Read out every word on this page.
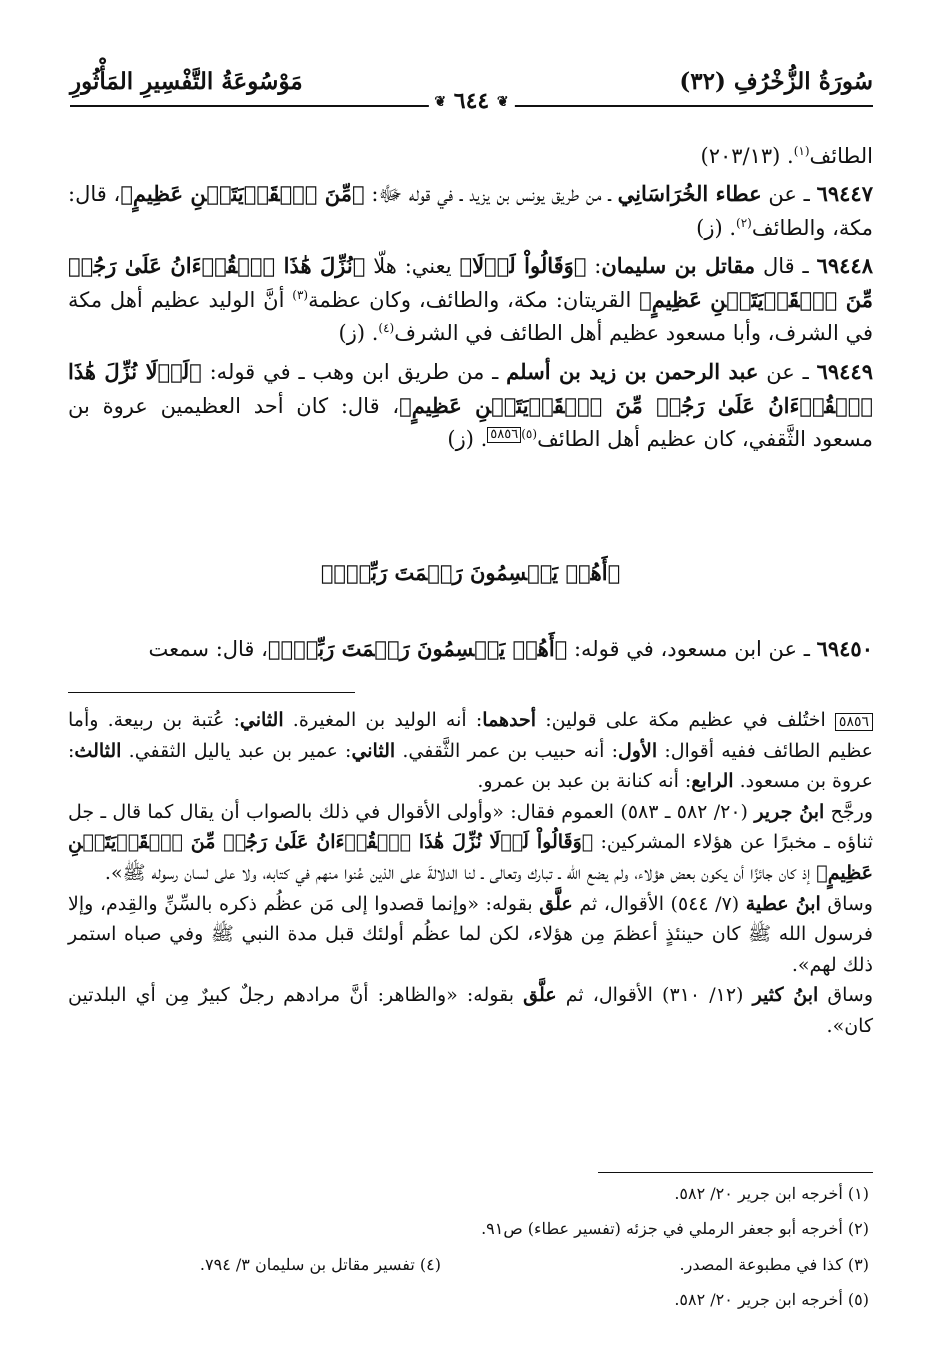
سُورَةُ الزُّخْرُفِ (٣٢)
❦ ٦٤٤ ❦
مَوْسُوعَةُ التَّفْسِيرِ المَأْثُورِ

الطائف$^{(١)}$. (٢٠٣/١٣)

٦٩٤٤٧ ـ عن عطاء الخُرَاسَانِي ـ من طريق يونس بن يزيد ـ في قوله ﷻ: ﴿مِّنَ ٱلۡقَرۡيَتَيۡنِ عَظِيمٍ﴾، قال: مكة، والطائف$^{(٢)}$. (ز)

٦٩٤٤٨ ـ قال مقاتل بن سليمان: ﴿وَقَالُواْ لَوۡلَا﴾ يعني: هلّا ﴿نُزِّلَ هَٰذَا ٱلۡقُرۡءَانُ عَلَىٰ رَجُلٖ مِّنَ ٱلۡقَرۡيَتَيۡنِ عَظِيمٍ﴾ القريتان: مكة، والطائف، وكان عظمة$^{(٣)}$ أنَّ الوليد عظيم أهل مكة في الشرف، وأبا مسعود عظيم أهل الطائف في الشرف$^{(٤)}$. (ز)

٦٩٤٤٩ ـ عن عبد الرحمن بن زيد بن أسلم ـ من طريق ابن وهب ـ في قوله: ﴿لَوۡلَا نُزِّلَ هَٰذَا ٱلۡقُرۡءَانُ عَلَىٰ رَجُلٖ مِّنَ ٱلۡقَرۡيَتَيۡنِ عَظِيمٍ﴾، قال: كان أحد العظيمين عروة بن مسعود الثَّقفي، كان عظيم أهل الطائف$^{(٥)}$٥٨٥٦. (ز)

﴿أَهُمۡ يَقۡسِمُونَ رَحۡمَتَ رَبِّكَۚ﴾
٦٩٤٥٠ ـ عن ابن مسعود، في قوله: ﴿أَهُمۡ يَقۡسِمُونَ رَحۡمَتَ رَبِّكَۚ﴾، قال: سمعت

٥٨٥٦ اختُلف في عظيم مكة على قولين: أحدهما: أنه الوليد بن المغيرة. الثاني: عُتبة بن ربيعة. وأما عظيم الطائف ففيه أقوال: الأول: أنه حبيب بن عمر الثَّقفي. الثاني: عمير بن عبد ياليل الثقفي. الثالث: عروة بن مسعود. الرابع: أنه كنانة بن عبد بن عمرو.

ورجَّح ابنُ جرير (٢٠/ ٥٨٢ ـ ٥٨٣) العموم فقال: «وأولى الأقوال في ذلك بالصواب أن يقال كما قال ـ جل ثناؤه ـ مخبرًا عن هؤلاء المشركين: ﴿وَقَالُواْ لَوۡلَا نُزِّلَ هَٰذَا ٱلۡقُرۡءَانُ عَلَىٰ رَجُلٖ مِّنَ ٱلۡقَرۡيَتَيۡنِ عَظِيمٍ﴾ إذ كان جائزًا أن يكون بعض هؤلاء، ولم يضع الله ـ تبارك وتعالى ـ لنا الدلالةَ على الذين عُنوا منهم في كتابه، ولا على لسان رسوله ﷺ».

وساق ابنُ عطية (٧/ ٥٤٤) الأقوال، ثم علَّق بقوله: «وإنما قصدوا إلى مَن عظُم ذكره بالسِّنِّ والقِدم، وإلا فرسول الله ﷺ كان حينئذٍ أعظمَ مِن هؤلاء، لكن لما عظُم أولئك قبل مدة النبي ﷺ وفي صباه استمر ذلك لهم».

وساق ابنُ كثير (١٢/ ٣١٠) الأقوال، ثم علَّق بقوله: «والظاهر: أنَّ مرادهم رجلٌ كبيرٌ مِن أي البلدتين كان».

(١) أخرجه ابن جرير ٢٠/ ٥٨٢.
(٢) أخرجه أبو جعفر الرملي في جزئه (تفسير عطاء) ص٩١.
(٣) كذا في مطبوعة المصدر.
(٤) تفسير مقاتل بن سليمان ٣/ ٧٩٤.
(٥) أخرجه ابن جرير ٢٠/ ٥٨٢.
